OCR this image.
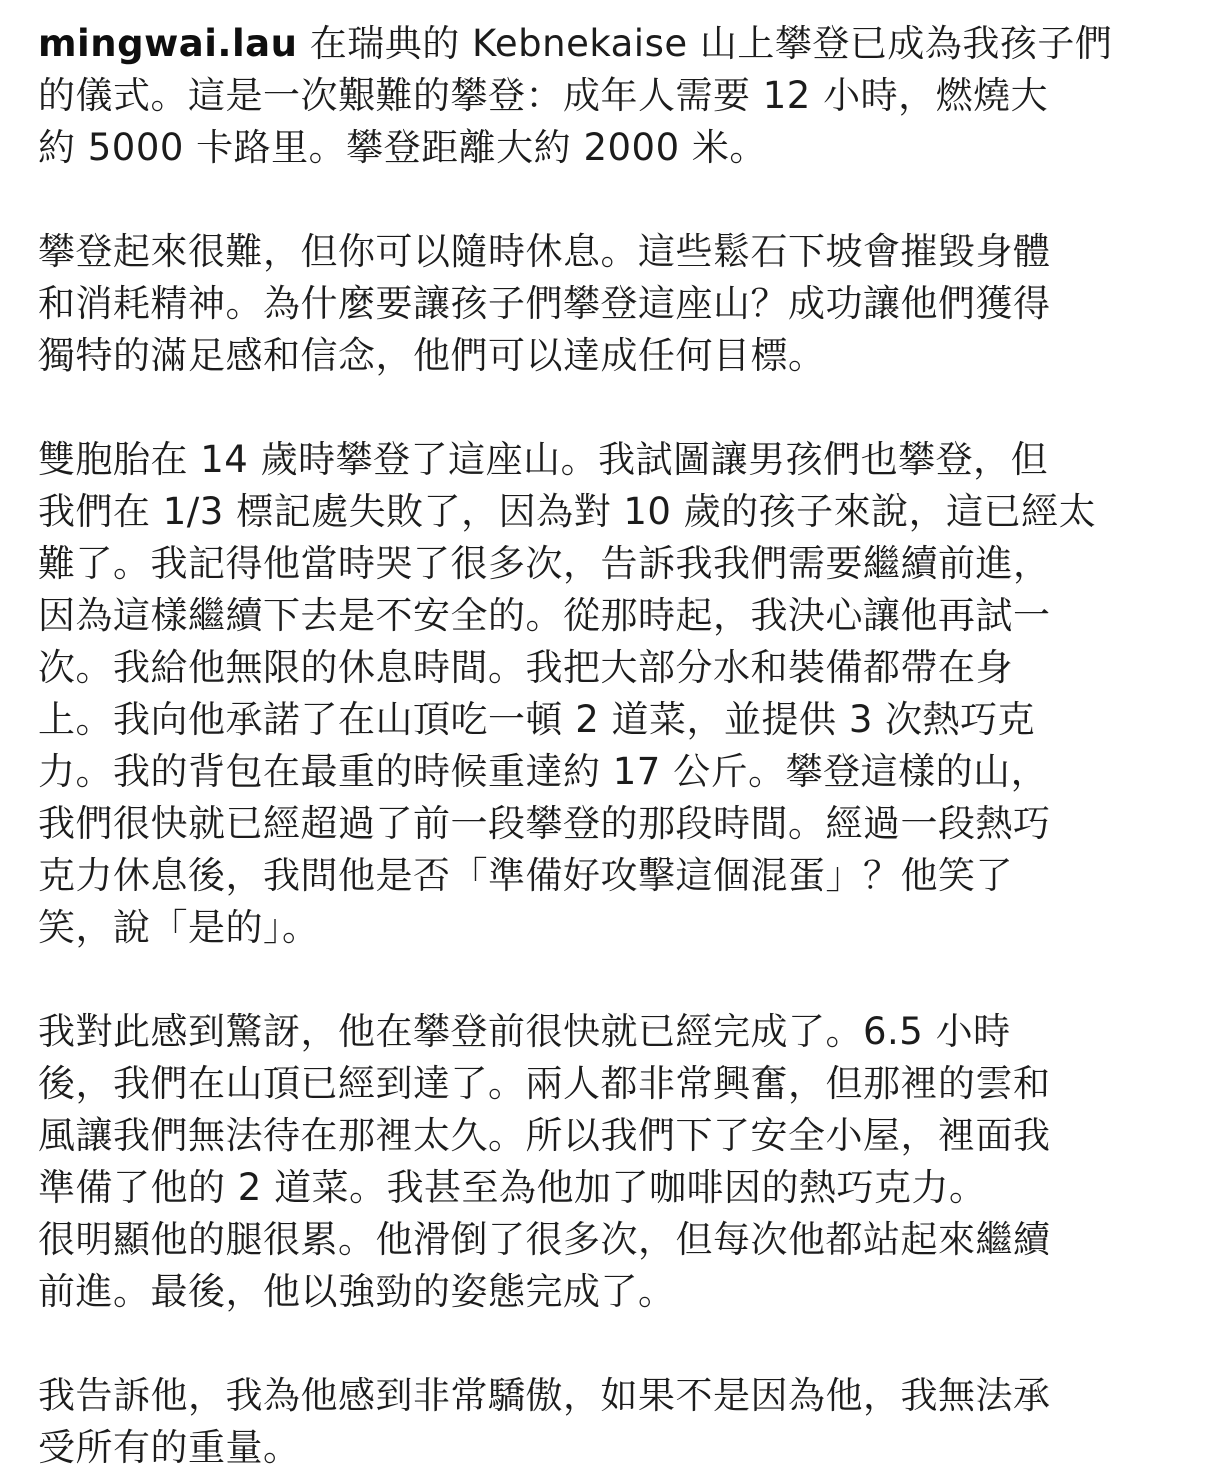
mingwai.lau 在瑞典的 Kebnekaise 山上攀登已成為我孩子們
的儀式。這是一次艱難的攀登：成年人需要 12 小時，燃燒大
約 5000 卡路里。攀登距離大約 2000 米。

攀登起來很難，但你可以隨時休息。這些鬆石下坡會摧毀身體
和消耗精神。為什麼要讓孩子們攀登這座山？成功讓他們獲得
獨特的滿足感和信念，他們可以達成任何目標。

雙胞胎在 14 歲時攀登了這座山。我試圖讓男孩們也攀登，但
我們在 1/3 標記處失敗了，因為對 10 歲的孩子來說，這已經太
難了。我記得他當時哭了很多次，告訴我我們需要繼續前進，
因為這樣繼續下去是不安全的。從那時起，我決心讓他再試一
次。我給他無限的休息時間。我把大部分水和裝備都帶在身
上。我向他承諾了在山頂吃一頓 2 道菜，並提供 3 次熱巧克
力。我的背包在最重的時候重達約 17 公斤。攀登這樣的山，
我們很快就已經超過了前一段攀登的那段時間。經過一段熱巧
克力休息後，我問他是否「準備好攻擊這個混蛋」？他笑了
笑，說「是的」。

我對此感到驚訝，他在攀登前很快就已經完成了。6.5 小時
後，我們在山頂已經到達了。兩人都非常興奮，但那裡的雲和
風讓我們無法待在那裡太久。所以我們下了安全小屋，裡面我
準備了他的 2 道菜。我甚至為他加了咖啡因的熱巧克力。
很明顯他的腿很累。他滑倒了很多次，但每次他都站起來繼續
前進。最後，他以強勁的姿態完成了。

我告訴他，我為他感到非常驕傲，如果不是因為他，我無法承
受所有的重量。
